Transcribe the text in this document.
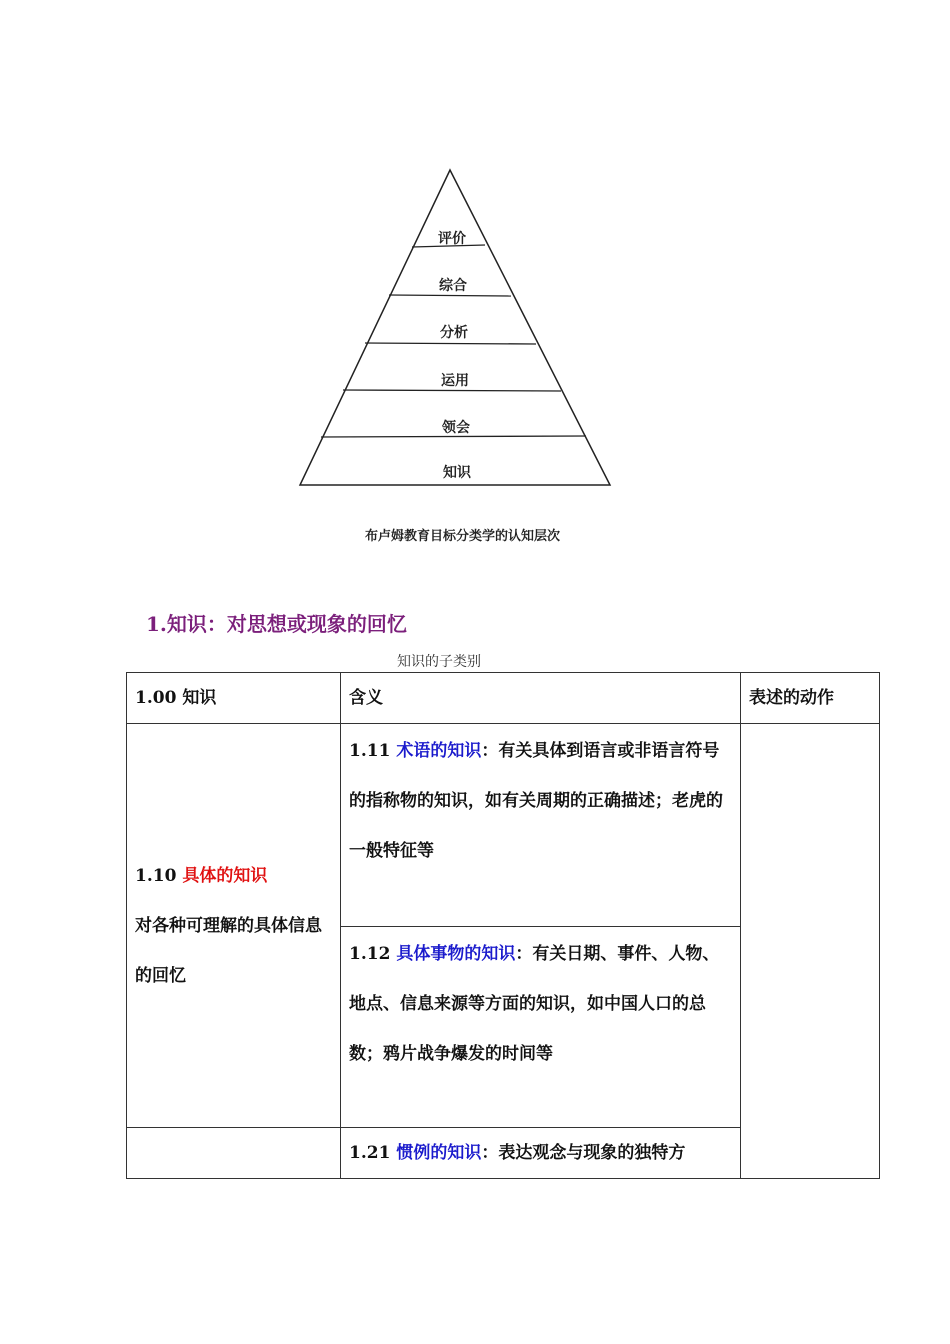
评价
综合
分析
运用
领会
知识
布卢姆教育目标分类学的认知层次
1.知识：对思想或现象的回忆
知识的子类别
1.00 知识	含义	表述的动作
1.10 具体的知识
对各种可理解的具体信息的回忆	1.11 术语的知识：有关具体到语言或非语言符号的指称物的知识，如有关周期的正确描述；老虎的一般特征等	
	1.12 具体事物的知识：有关日期、事件、人物、地点、信息来源等方面的知识，如中国人口的总数；鸦片战争爆发的时间等	
	1.21 惯例的知识：表达观念与现象的独特方	
